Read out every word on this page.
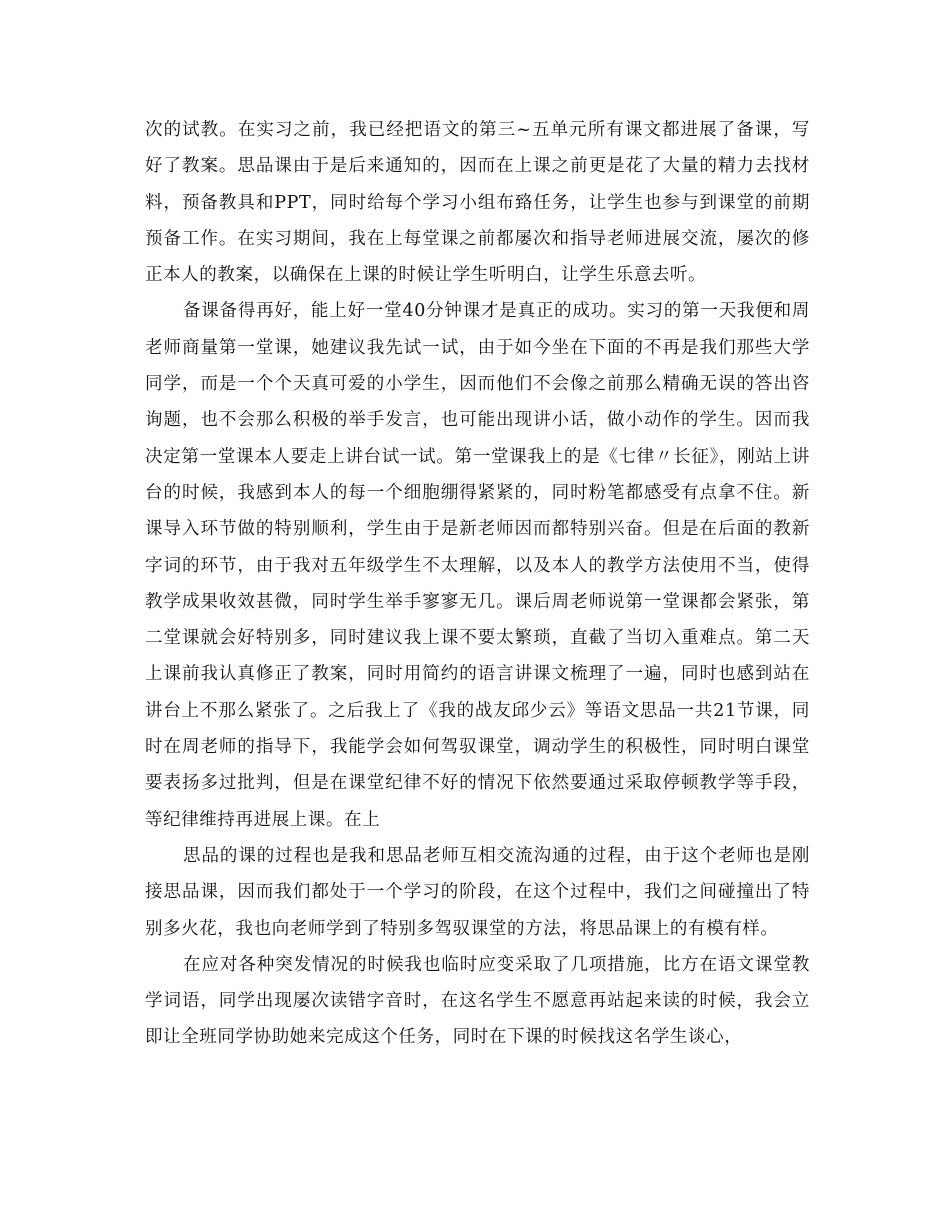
次的试教。在实习之前，我已经把语文的第三~五单元所有课文都进展了备课，写好了教案。思品课由于是后来通知的，因而在上课之前更是花了大量的精力去找材料，预备教具和PPT，同时给每个学习小组布臵任务，让学生也参与到课堂的前期预备工作。在实习期间，我在上每堂课之前都屡次和指导老师进展交流，屡次的修正本人的教案，以确保在上课的时候让学生听明白，让学生乐意去听。

备课备得再好，能上好一堂40分钟课才是真正的成功。实习的第一天我便和周老师商量第一堂课，她建议我先试一试，由于如今坐在下面的不再是我们那些大学同学，而是一个个天真可爱的小学生，因而他们不会像之前那么精确无误的答出咨询题，也不会那么积极的举手发言，也可能出现讲小话，做小动作的学生。因而我决定第一堂课本人要走上讲台试一试。第一堂课我上的是《七律〃长征》，刚站上讲台的时候，我感到本人的每一个细胞绷得紧紧的，同时粉笔都感受有点拿不住。新课导入环节做的特别顺利，学生由于是新老师因而都特别兴奋。但是在后面的教新字词的环节，由于我对五年级学生不太理解，以及本人的教学方法使用不当，使得教学成果收效甚微，同时学生举手寥寥无几。课后周老师说第一堂课都会紧张，第二堂课就会好特别多，同时建议我上课不要太繁琐，直截了当切入重难点。第二天上课前我认真修正了教案，同时用简约的语言讲课文梳理了一遍，同时也感到站在讲台上不那么紧张了。之后我上了《我的战友邱少云》等语文思品一共21节课，同时在周老师的指导下，我能学会如何驾驭课堂，调动学生的积极性，同时明白课堂要表扬多过批判，但是在课堂纪律不好的情况下依然要通过采取停顿教学等手段，等纪律维持再进展上课。在上

思品的课的过程也是我和思品老师互相交流沟通的过程，由于这个老师也是刚接思品课，因而我们都处于一个学习的阶段，在这个过程中，我们之间碰撞出了特别多火花，我也向老师学到了特别多驾驭课堂的方法，将思品课上的有模有样。

在应对各种突发情况的时候我也临时应变采取了几项措施，比方在语文课堂教学词语，同学出现屡次读错字音时，在这名学生不愿意再站起来读的时候，我会立即让全班同学协助她来完成这个任务，同时在下课的时候找这名学生谈心，
